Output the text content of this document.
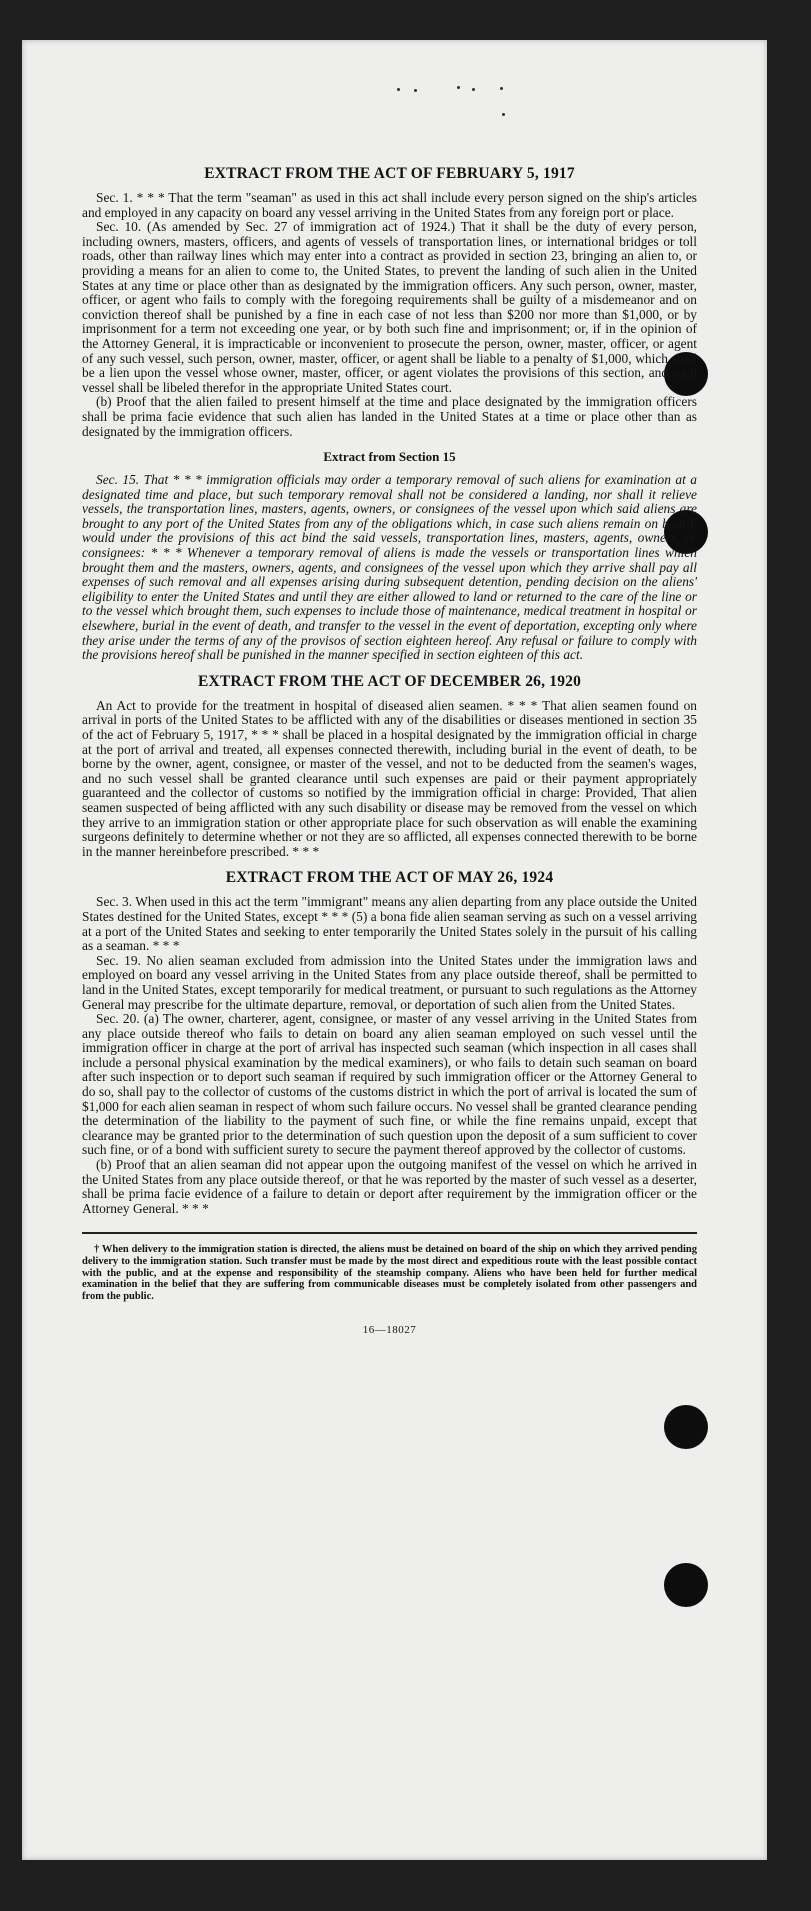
EXTRACT FROM THE ACT OF FEBRUARY 5, 1917

Sec. 1. * * * That the term "seaman" as used in this act shall include every person signed on the ship's articles and employed in any capacity on board any vessel arriving in the United States from any foreign port or place.

Sec. 10. (As amended by Sec. 27 of immigration act of 1924.) That it shall be the duty of every person, including owners, masters, officers, and agents of vessels of transportation lines, or international bridges or toll roads, other than railway lines which may enter into a contract as provided in section 23, bringing an alien to, or providing a means for an alien to come to, the United States, to prevent the landing of such alien in the United States at any time or place other than as designated by the immigration officers. Any such person, owner, master, officer, or agent who fails to comply with the foregoing requirements shall be guilty of a misdemeanor and on conviction thereof shall be punished by a fine in each case of not less than $200 nor more than $1,000, or by imprisonment for a term not exceeding one year, or by both such fine and imprisonment; or, if in the opinion of the Attorney General, it is impracticable or inconvenient to prosecute the person, owner, master, officer, or agent of any such vessel, such person, owner, master, officer, or agent shall be liable to a penalty of $1,000, which shall be a lien upon the vessel whose owner, master, officer, or agent violates the provisions of this section, and such vessel shall be libeled therefor in the appropriate United States court.

(b) Proof that the alien failed to present himself at the time and place designated by the immigration officers shall be prima facie evidence that such alien has landed in the United States at a time or place other than as designated by the immigration officers.

Extract from Section 15

Sec. 15. That * * * immigration officials may order a temporary removal of such aliens for examination at a designated time and place, but such temporary removal shall not be considered a landing, nor shall it relieve vessels, the transportation lines, masters, agents, owners, or consignees of the vessel upon which said aliens are brought to any port of the United States from any of the obligations which, in case such aliens remain on board, would under the provisions of this act bind the said vessels, transportation lines, masters, agents, owners, or consignees: * * * Whenever a temporary removal of aliens is made the vessels or transportation lines which brought them and the masters, owners, agents, and consignees of the vessel upon which they arrive shall pay all expenses of such removal and all expenses arising during subsequent detention, pending decision on the aliens' eligibility to enter the United States and until they are either allowed to land or returned to the care of the line or to the vessel which brought them, such expenses to include those of maintenance, medical treatment in hospital or elsewhere, burial in the event of death, and transfer to the vessel in the event of deportation, excepting only where they arise under the terms of any of the provisos of section eighteen hereof. Any refusal or failure to comply with the provisions hereof shall be punished in the manner specified in section eighteen of this act.

EXTRACT FROM THE ACT OF DECEMBER 26, 1920

An Act to provide for the treatment in hospital of diseased alien seamen. * * * That alien seamen found on arrival in ports of the United States to be afflicted with any of the disabilities or diseases mentioned in section 35 of the act of February 5, 1917, * * * shall be placed in a hospital designated by the immigration official in charge at the port of arrival and treated, all expenses connected therewith, including burial in the event of death, to be borne by the owner, agent, consignee, or master of the vessel, and not to be deducted from the seamen's wages, and no such vessel shall be granted clearance until such expenses are paid or their payment appropriately guaranteed and the collector of customs so notified by the immigration official in charge: Provided, That alien seamen suspected of being afflicted with any such disability or disease may be removed from the vessel on which they arrive to an immigration station or other appropriate place for such observation as will enable the examining surgeons definitely to determine whether or not they are so afflicted, all expenses connected therewith to be borne in the manner hereinbefore prescribed. * * *

EXTRACT FROM THE ACT OF MAY 26, 1924

Sec. 3. When used in this act the term "immigrant" means any alien departing from any place outside the United States destined for the United States, except * * * (5) a bona fide alien seaman serving as such on a vessel arriving at a port of the United States and seeking to enter temporarily the United States solely in the pursuit of his calling as a seaman. * * *

Sec. 19. No alien seaman excluded from admission into the United States under the immigration laws and employed on board any vessel arriving in the United States from any place outside thereof, shall be permitted to land in the United States, except temporarily for medical treatment, or pursuant to such regulations as the Attorney General may prescribe for the ultimate departure, removal, or deportation of such alien from the United States.

Sec. 20. (a) The owner, charterer, agent, consignee, or master of any vessel arriving in the United States from any place outside thereof who fails to detain on board any alien seaman employed on such vessel until the immigration officer in charge at the port of arrival has inspected such seaman (which inspection in all cases shall include a personal physical examination by the medical examiners), or who fails to detain such seaman on board after such inspection or to deport such seaman if required by such immigration officer or the Attorney General to do so, shall pay to the collector of customs of the customs district in which the port of arrival is located the sum of $1,000 for each alien seaman in respect of whom such failure occurs. No vessel shall be granted clearance pending the determination of the liability to the payment of such fine, or while the fine remains unpaid, except that clearance may be granted prior to the determination of such question upon the deposit of a sum sufficient to cover such fine, or of a bond with sufficient surety to secure the payment thereof approved by the collector of customs.

(b) Proof that an alien seaman did not appear upon the outgoing manifest of the vessel on which he arrived in the United States from any place outside thereof, or that he was reported by the master of such vessel as a deserter, shall be prima facie evidence of a failure to detain or deport after requirement by the immigration officer or the Attorney General. * * *

† When delivery to the immigration station is directed, the aliens must be detained on board of the ship on which they arrived pending delivery to the immigration station. Such transfer must be made by the most direct and expeditious route with the least possible contact with the public, and at the expense and responsibility of the steamship company. Aliens who have been held for further medical examination in the belief that they are suffering from communicable diseases must be completely isolated from other passengers and from the public.

16—18027
